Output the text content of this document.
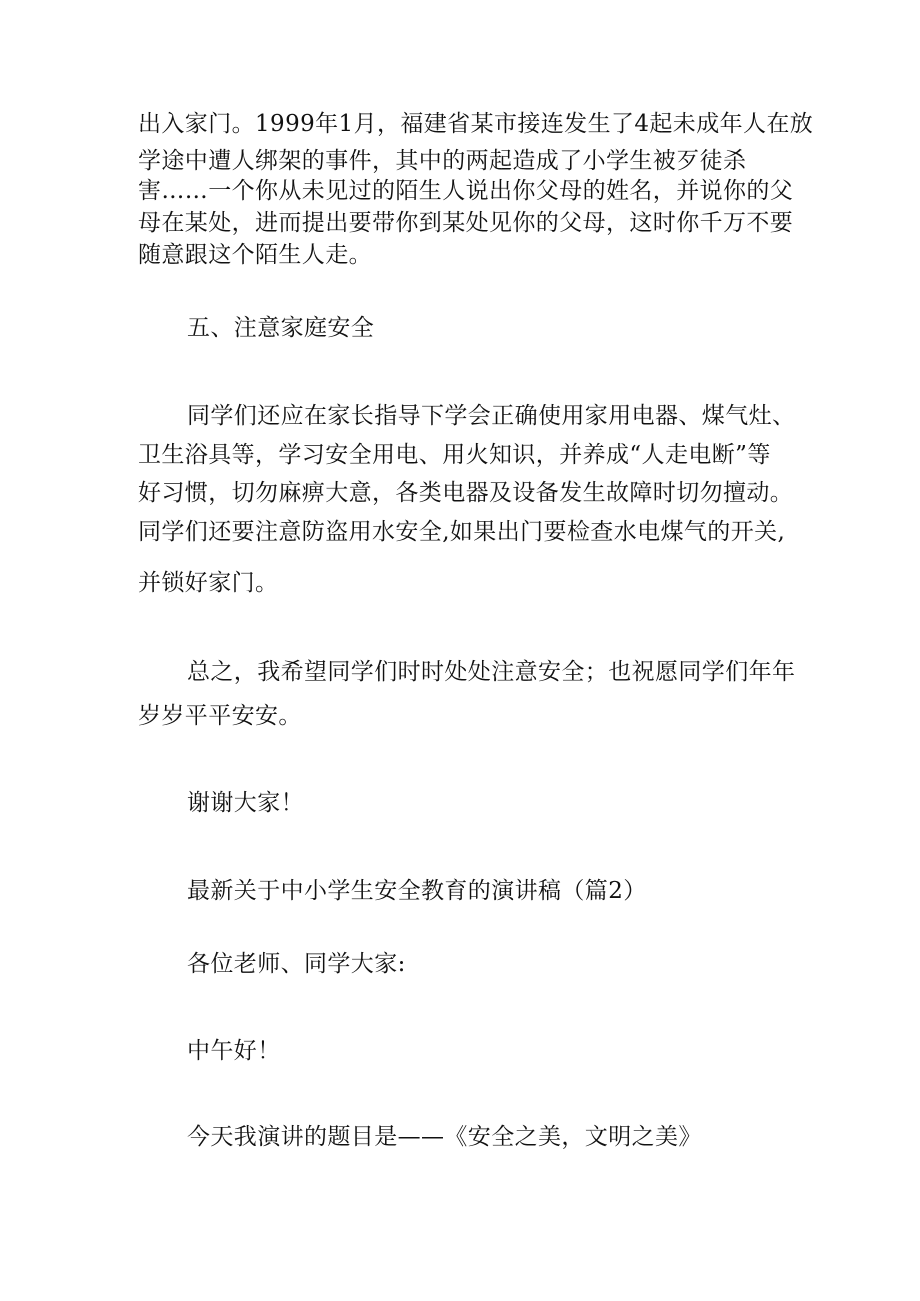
出入家门。1999年1月，福建省某市接连发生了4起未成年人在放
学途中遭人绑架的事件，其中的两起造成了小学生被歹徒杀
害……一个你从未见过的陌生人说出你父母的姓名，并说你的父
母在某处，进而提出要带你到某处见你的父母，这时你千万不要
随意跟这个陌生人走。
五、注意家庭安全
同学们还应在家长指导下学会正确使用家用电器、煤气灶、
卫生浴具等，学习安全用电、用火知识，并养成“人走电断”等
好习惯，切勿麻痹大意，各类电器及设备发生故障时切勿擅动。
同学们还要注意防盗用水安全,如果出门要检查水电煤气的开关,
并锁好家门。
总之，我希望同学们时时处处注意安全；也祝愿同学们年年
岁岁平平安安。
谢谢大家！
最新关于中小学生安全教育的演讲稿（篇2）
各位老师、同学大家:
中午好！
今天我演讲的题目是——《安全之美，文明之美》
